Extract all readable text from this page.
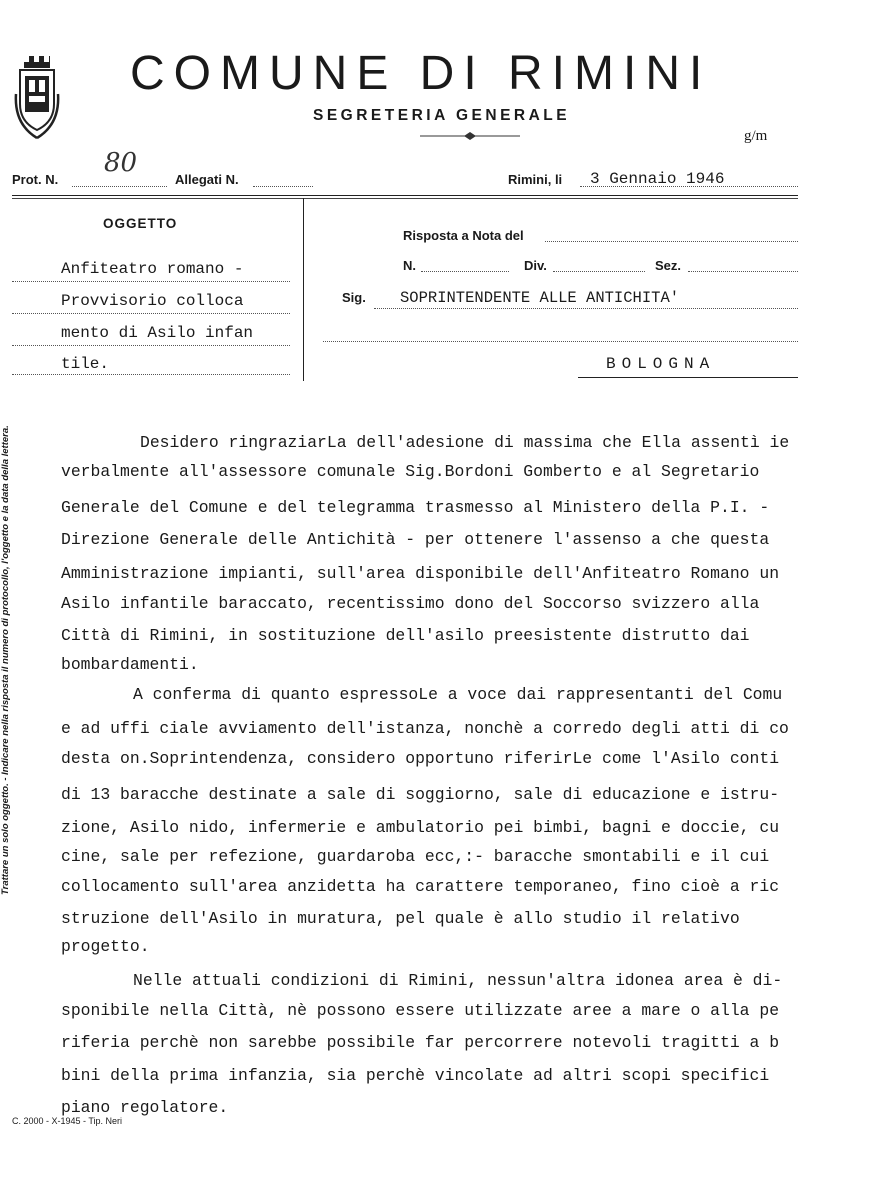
COMUNE DI RIMINI
SEGRETERIA GENERALE
g/m
Prot. N.
80
Allegati N.	Rimini, li 3 Gennaio 1946
OGGETTO
Anfiteatro romano -
Provvisorio colloca
mento di Asilo infan
tile.
Risposta a Nota del
N.	Div.	Sez.
Sig. SOPRINTENDENTE ALLE ANTICHITA'
BOLOGNA
Desidero ringraziarLa dell'adesione di massima che Ella assentì ie
verbalmente all'assessore comunale Sig.Bordoni Gomberto e al Segretario
Generale del Comune e del telegramma trasmesso al Ministero della P.I. -
Direzione Generale delle Antichità - per ottenere l'assenso a che questa
Amministrazione impianti, sull'area disponibile dell'Anfiteatro Romano un
Asilo infantile baraccato, recentissimo dono del Soccorso svizzero alla
Città di Rimini, in sostituzione dell'asilo preesistente distrutto dai
bombardamenti.
A conferma di quanto espressoLe a voce dai rappresentanti del Comu
e ad uffi ciale avviamento dell'istanza, nonchè a corredo degli atti di co
desta on.Soprintendenza, considero opportuno riferirLe come l'Asilo conti
di 13 baracche destinate a sale di soggiorno, sale di educazione e istru-
zione, Asilo nido, infermerie e ambulatorio pei bimbi, bagni e doccie, cu
cine, sale per refezione, guardaroba ecc,:- baracche smontabili e il cui
collocamento sull'area anzidetta ha carattere temporaneo, fino cioè a ric
struzione dell'Asilo in muratura, pel quale è allo studio il relativo
progetto.
Nelle attuali condizioni di Rimini, nessun'altra idonea area è di-
sponibile nella Città, nè possono essere utilizzate aree a mare o alla pe
riferia perchè non sarebbe possibile far percorrere notevoli tragitti a b
bini della prima infanzia, sia perchè vincolate ad altri scopi specifici
piano regolatore.
Trattare un solo oggetto. - Indicare nella risposta il numero di protocollo, l'oggetto e la data della lettera.
C. 2000 - X-1945 - Tip. Neri
